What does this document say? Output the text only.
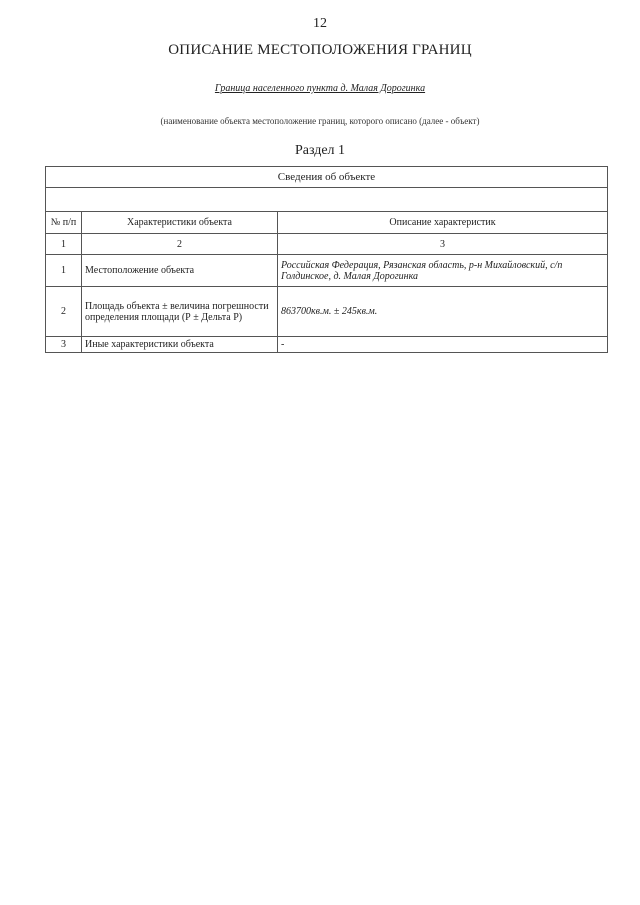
12
ОПИСАНИЕ МЕСТОПОЛОЖЕНИЯ ГРАНИЦ
Граница населенного пункта д. Малая Дорогинка
(наименование объекта местоположение границ, которого описано (далее - объект)
Раздел 1
Сведения об объекте		

№ п/п	Характеристики объекта	Описание характеристик
1	2	3
1	Местоположение объекта	Российская Федерация, Рязанская область, р-н Михайловский, с/п Голдинское, д. Малая Дорогинка
2	Площадь объекта ± величина погрешности определения площади (Р ± Дельта Р)	863700кв.м. ± 245кв.м.
3	Иные характеристики объекта	-
